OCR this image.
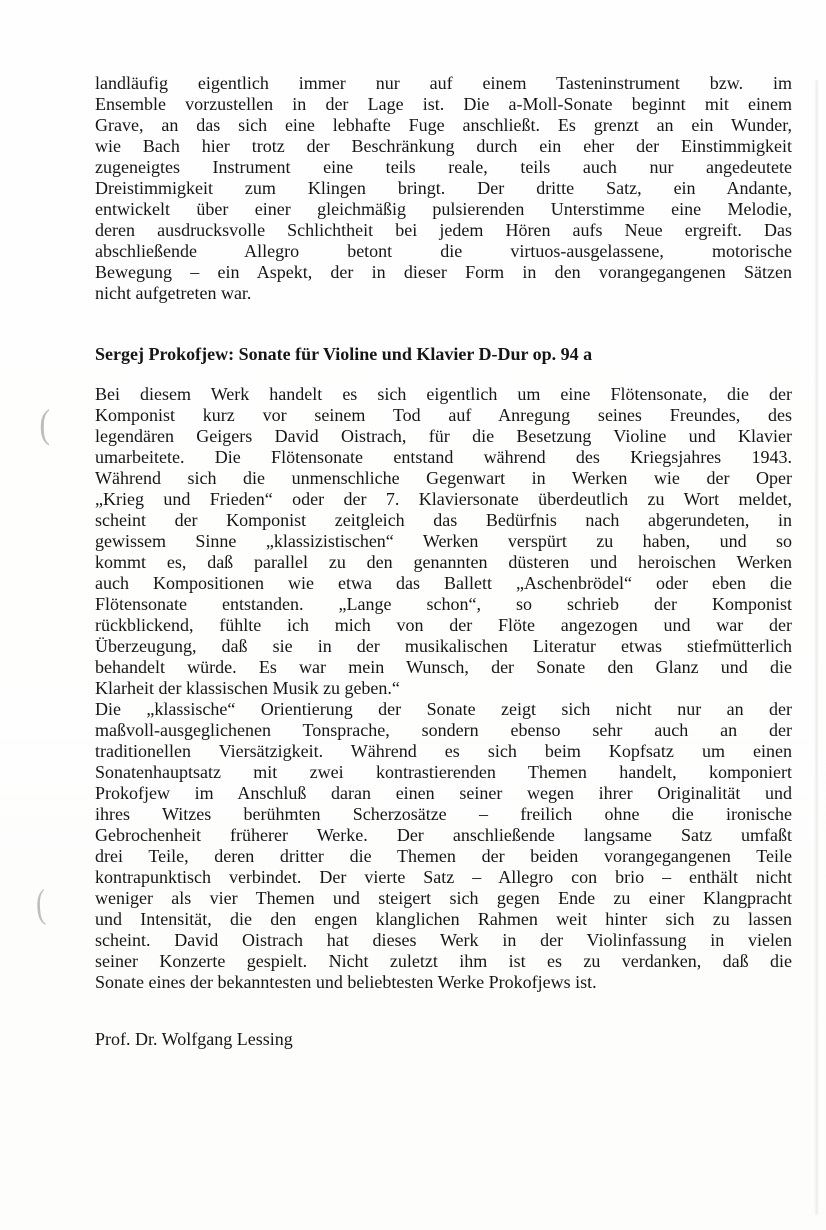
(
(
landläufig eigentlich immer nur auf einem Tasteninstrument bzw. im
Ensemble vorzustellen in der Lage ist. Die a-Moll-Sonate beginnt mit einem
Grave, an das sich eine lebhafte Fuge anschließt. Es grenzt an ein Wunder,
wie Bach hier trotz der Beschränkung durch ein eher der Einstimmigkeit
zugeneigtes Instrument eine teils reale, teils auch nur angedeutete
Dreistimmigkeit zum Klingen bringt. Der dritte Satz, ein Andante,
entwickelt über einer gleichmäßig pulsierenden Unterstimme eine Melodie,
deren ausdrucksvolle Schlichtheit bei jedem Hören aufs Neue ergreift. Das
abschließende Allegro betont die virtuos-ausgelassene, motorische
Bewegung – ein Aspekt, der in dieser Form in den vorangegangenen Sätzen
nicht aufgetreten war.
Sergej Prokofjew: Sonate für Violine und Klavier D-Dur op. 94 a
Bei diesem Werk handelt es sich eigentlich um eine Flötensonate, die der
Komponist kurz vor seinem Tod auf Anregung seines Freundes, des
legendären Geigers David Oistrach, für die Besetzung Violine und Klavier
umarbeitete. Die Flötensonate entstand während des Kriegsjahres 1943.
Während sich die unmenschliche Gegenwart in Werken wie der Oper
„Krieg und Frieden“ oder der 7. Klaviersonate überdeutlich zu Wort meldet,
scheint der Komponist zeitgleich das Bedürfnis nach abgerundeten, in
gewissem Sinne „klassizistischen“ Werken verspürt zu haben, und so
kommt es, daß parallel zu den genannten düsteren und heroischen Werken
auch Kompositionen wie etwa das Ballett „Aschenbrödel“ oder eben die
Flötensonate entstanden. „Lange schon“, so schrieb der Komponist
rückblickend, fühlte ich mich von der Flöte angezogen und war der
Überzeugung, daß sie in der musikalischen Literatur etwas stiefmütterlich
behandelt würde. Es war mein Wunsch, der Sonate den Glanz und die
Klarheit der klassischen Musik zu geben.“
Die „klassische“ Orientierung der Sonate zeigt sich nicht nur an der
maßvoll-ausgeglichenen Tonsprache, sondern ebenso sehr auch an der
traditionellen Viersätzigkeit. Während es sich beim Kopfsatz um einen
Sonatenhauptsatz mit zwei kontrastierenden Themen handelt, komponiert
Prokofjew im Anschluß daran einen seiner wegen ihrer Originalität und
ihres Witzes berühmten Scherzosätze – freilich ohne die ironische
Gebrochenheit früherer Werke. Der anschließende langsame Satz umfaßt
drei Teile, deren dritter die Themen der beiden vorangegangenen Teile
kontrapunktisch verbindet. Der vierte Satz – Allegro con brio – enthält nicht
weniger als vier Themen und steigert sich gegen Ende zu einer Klangpracht
und Intensität, die den engen klanglichen Rahmen weit hinter sich zu lassen
scheint. David Oistrach hat dieses Werk in der Violinfassung in vielen
seiner Konzerte gespielt. Nicht zuletzt ihm ist es zu verdanken, daß die
Sonate eines der bekanntesten und beliebtesten Werke Prokofjews ist.
Prof. Dr. Wolfgang Lessing
